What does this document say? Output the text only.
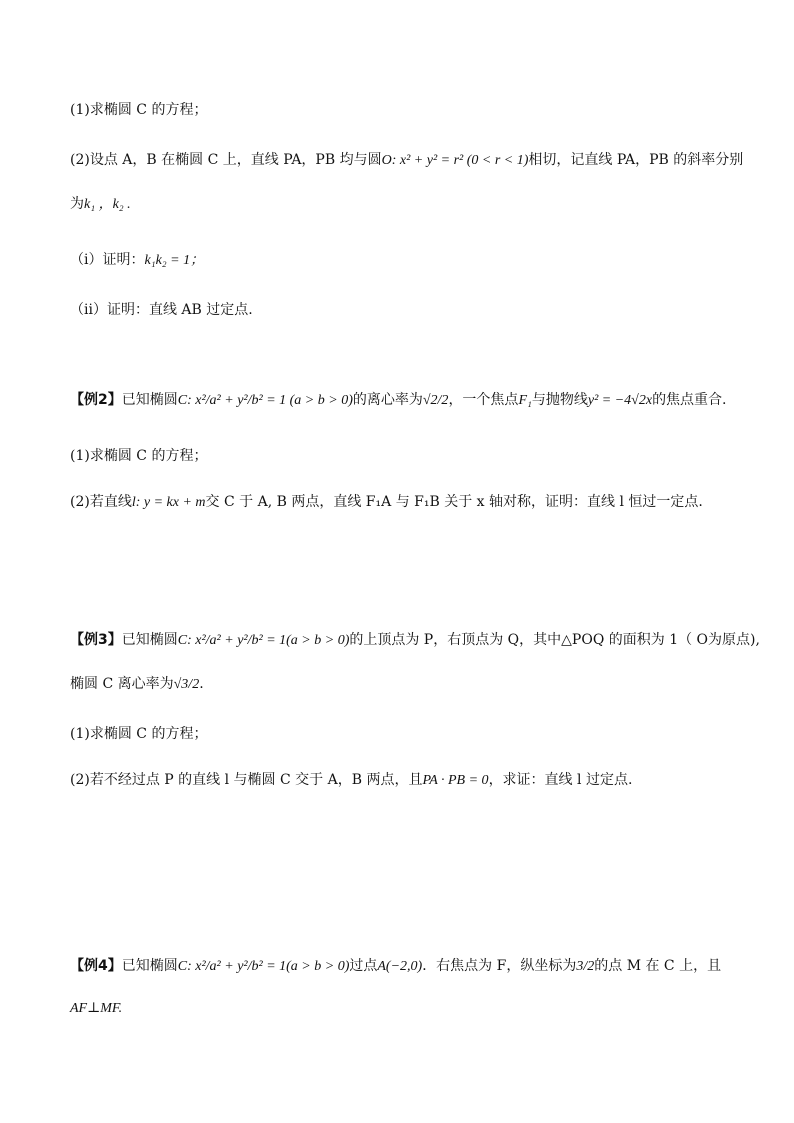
(1)求椭圆 C 的方程；
(2)设点 A，B 在椭圆 C 上，直线 PA，PB 均与圆O: x² + y² = r² (0 < r < 1)相切，记直线 PA，PB 的斜率分别
为k₁ ，k₂ .
（i）证明：k₁k₂ = 1；
（ii）证明：直线 AB 过定点.
【例2】已知椭圆C: x²/a² + y²/b² = 1 (a > b > 0)的离心率为√2/2，一个焦点F₁与抛物线y² = −4√2x的焦点重合.
(1)求椭圆 C 的方程；
(2)若直线l: y = kx + m交 C 于 A, B 两点，直线 F₁A 与 F₁B 关于 x 轴对称，证明：直线 l 恒过一定点.
【例3】已知椭圆C: x²/a² + y²/b² = 1(a > b > 0)的上顶点为 P，右顶点为 Q，其中△POQ 的面积为 1（ O为原点),
椭圆 C 离心率为√3/2.
(1)求椭圆 C 的方程；
(2)若不经过点 P 的直线 l 与椭圆 C 交于 A，B 两点，且PA · PB = 0，求证：直线 l 过定点.
【例4】已知椭圆C: x²/a² + y²/b² = 1(a > b > 0)过点A(−2,0)．右焦点为 F，纵坐标为3/2的点 M 在 C 上，且
AF⊥MF.
